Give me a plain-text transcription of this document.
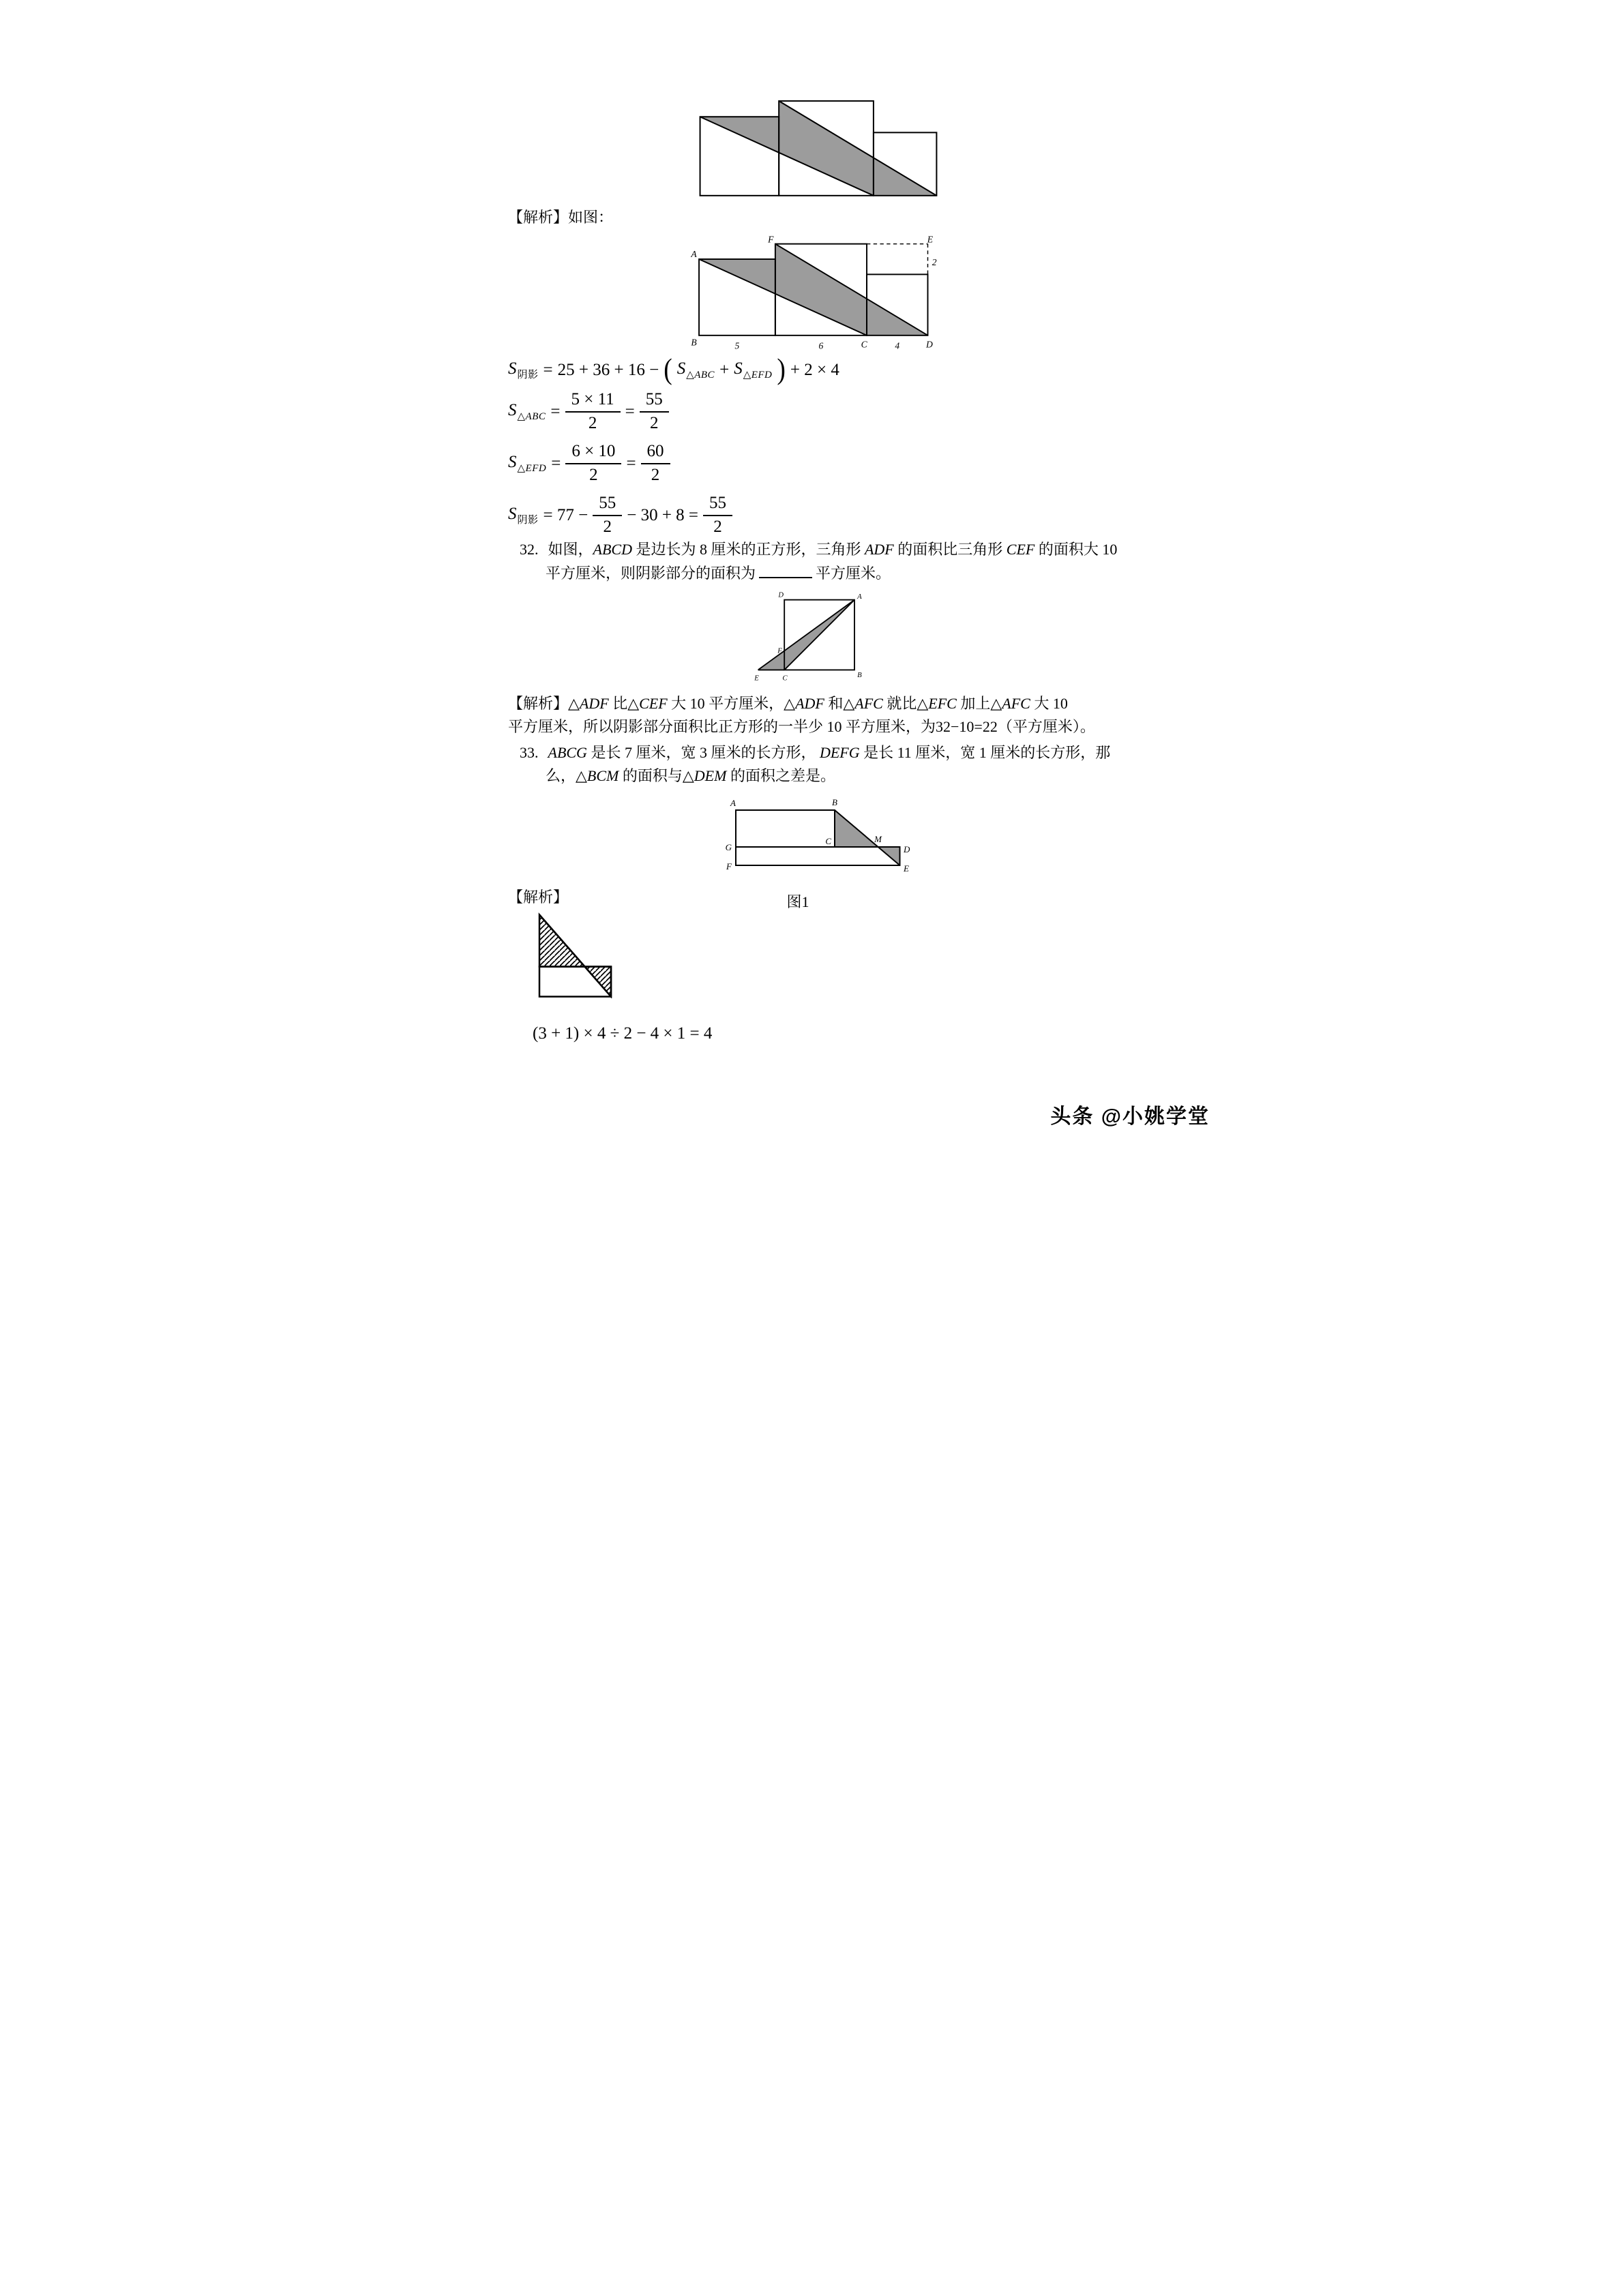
【解析】如图：
F	E
A
2
B 5	6 C 4 D
$S_{阴影} = 25 + 36 + 16$ − ( $S_{\triangle ABC} + S_{\triangle EFD}$ ) + 2 × 4
$S_{\triangle ABC} = \frac{5 \times 11}{2} = \frac{55}{2}$
$S_{\triangle EFD} = \frac{6 \times 10}{2} = \frac{60}{2}$
$S_{阴影} = 77 - \frac{55}{2} - 30 + 8 = \frac{55}{2}$
32. 如图，ABCD 是边长为 8 厘米的正方形，三角形 ADF 的面积比三角形 CEF 的面积大 10
平方厘米，则阴影部分的面积为	平方厘米。
D	A
F
E C	B
【解析】△ADF 比△CEF 大 10 平方厘米，△ADF 和△AFC 就比△EFC 加上△AFC 大 10
平方厘米，所以阴影部分面积比正方形的一半少 10 平方厘米，为32−10=22（平方厘米）。
33. ABCG 是长 7 厘米，宽 3 厘米的长方形， DEFG 是长 11 厘米，宽 1 厘米的长方形，那
么，△BCM 的面积与△DEM 的面积之差是。
A	B
G
C M
D
F	E
【解析】	图1
(3 + 1) × 4 ÷ 2 − 4 × 1 = 4
头条 @小姚学堂
